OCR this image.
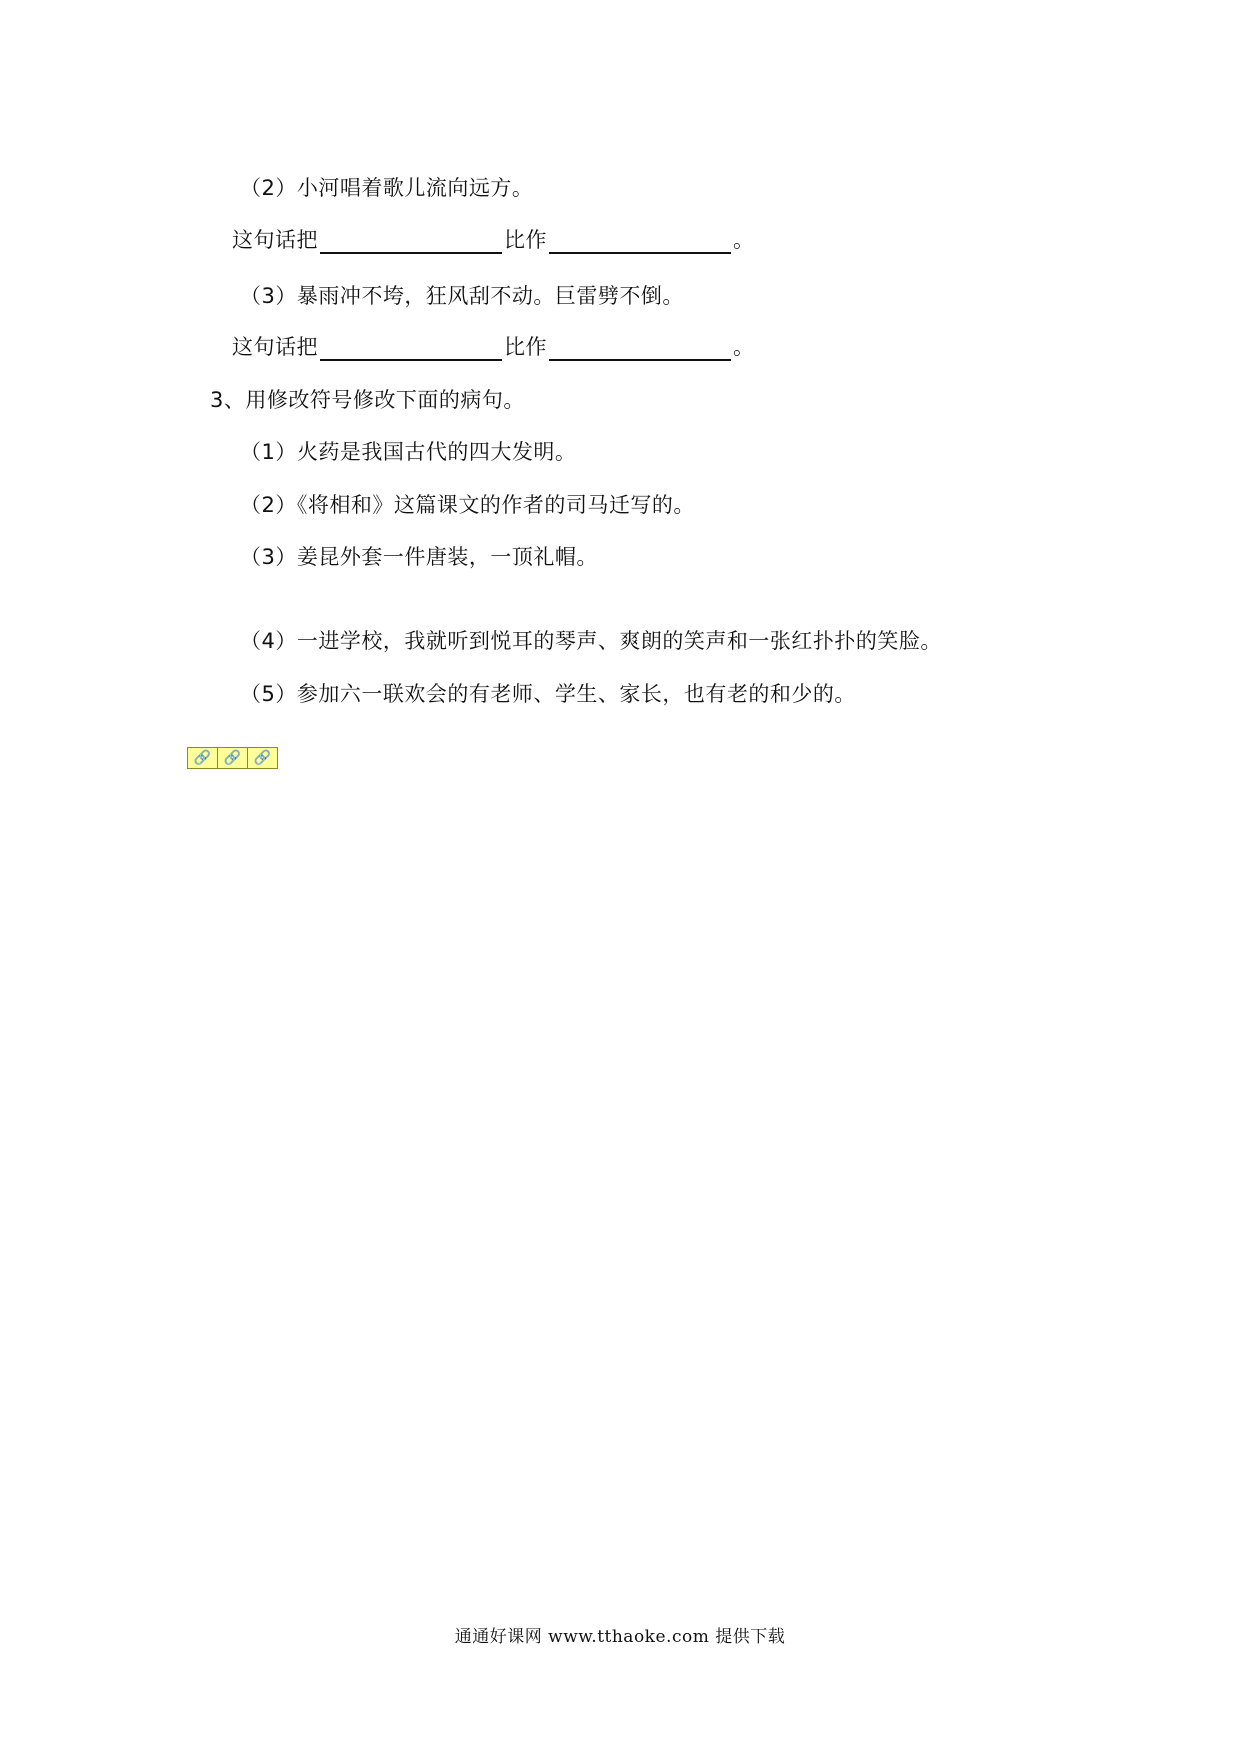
（2）小河唱着歌儿流向远方。
这句话把	比作	。
（3）暴雨冲不垮，狂风刮不动。巨雷劈不倒。
这句话把	比作	。
3、用修改符号修改下面的病句。
（1）火药是我国古代的四大发明。
（2）《将相和》这篇课文的作者的司马迁写的。
（3）姜昆外套一件唐装，一顶礼帽。
（4）一进学校，我就听到悦耳的琴声、爽朗的笑声和一张红扑扑的笑脸。
（5）参加六一联欢会的有老师、学生、家长，也有老的和少的。
🔗 🔗 🔗
通通好课网 www.tthaoke.com 提供下载
